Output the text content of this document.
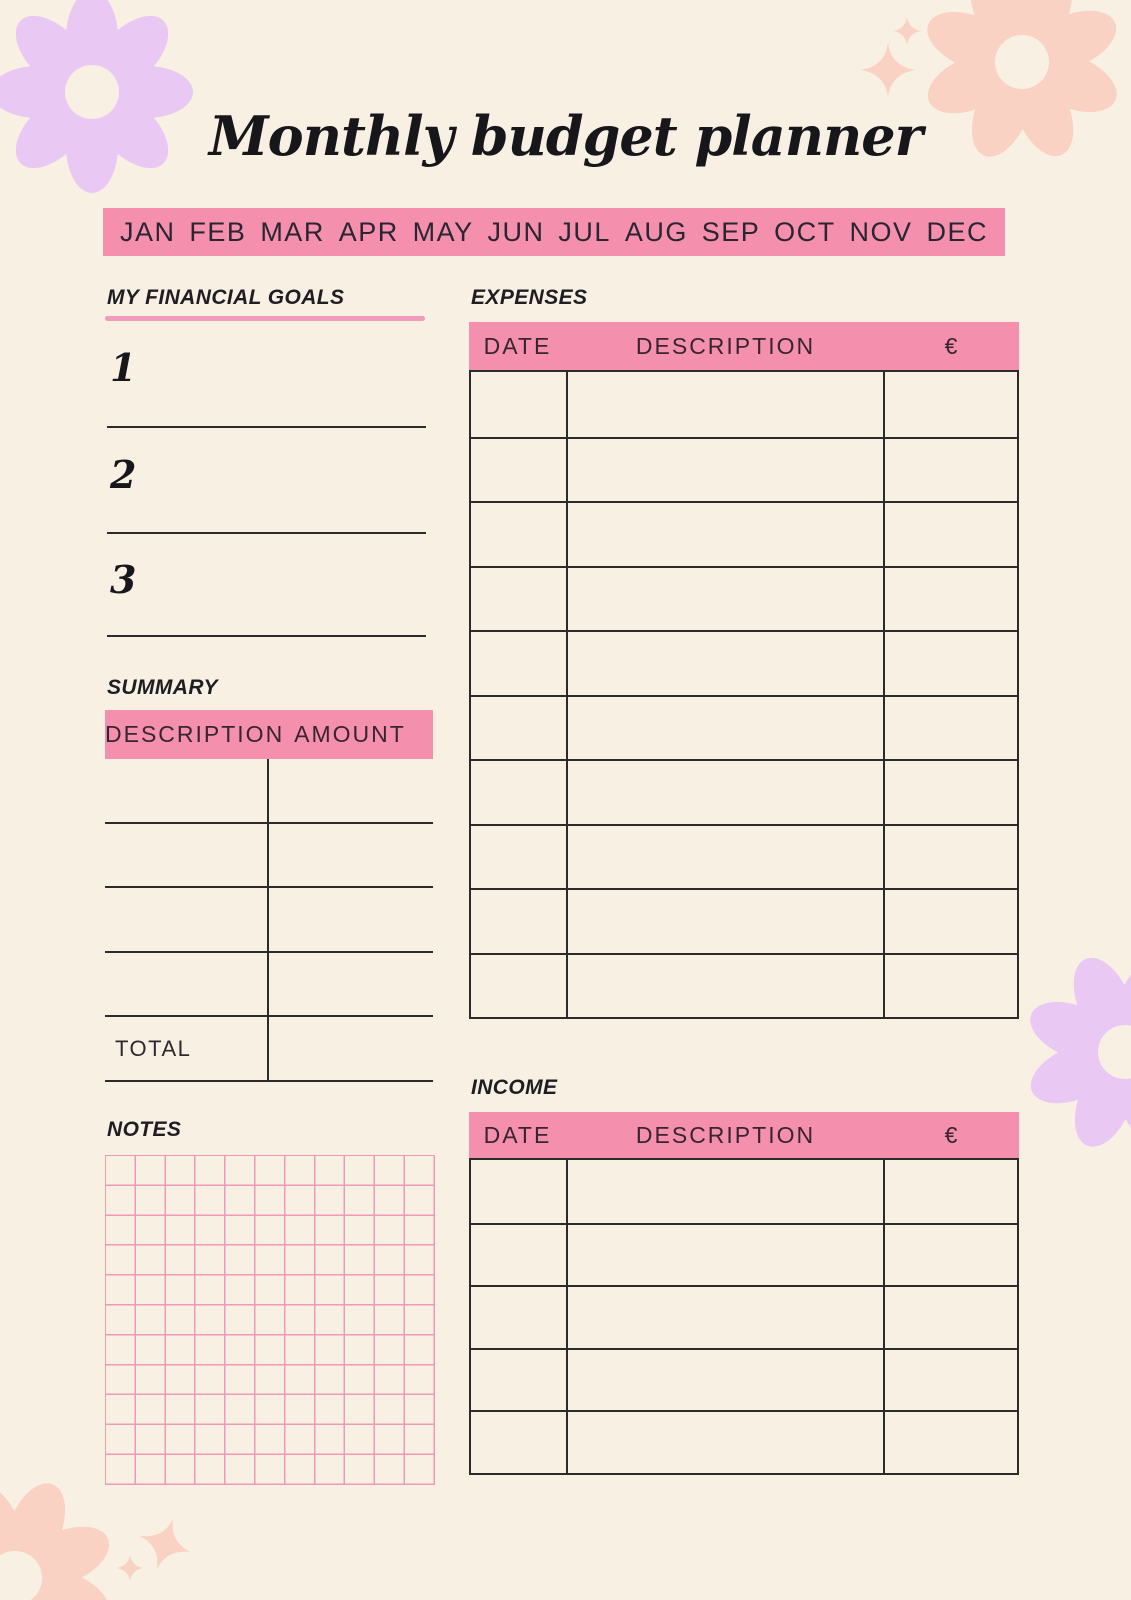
Monthly budget planner
JAN FEB MAR APR MAY JUN JUL AUG SEP OCT NOV DEC
MY FINANCIAL GOALS
1
2
3
SUMMARY
DESCRIPTION AMOUNT
TOTAL
NOTES
EXPENSES
DATE	DESCRIPTION	€
INCOME
DATE	DESCRIPTION	€
